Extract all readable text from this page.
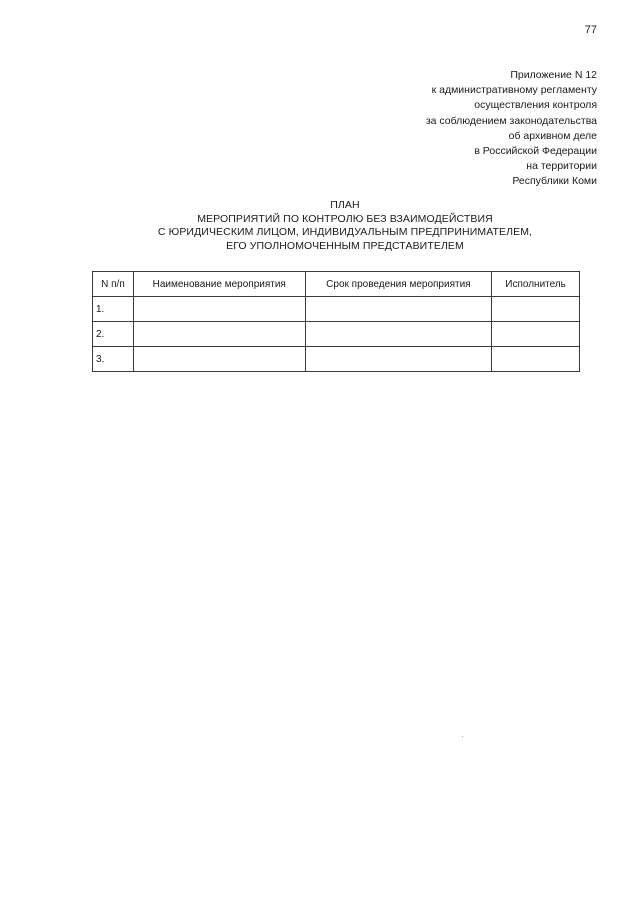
77
Приложение N 12
к административному регламенту
осуществления контроля
за соблюдением законодательства
об архивном деле
в Российской Федерации
на территории
Республики Коми
ПЛАН
МЕРОПРИЯТИЙ ПО КОНТРОЛЮ БЕЗ ВЗАИМОДЕЙСТВИЯ
С ЮРИДИЧЕСКИМ ЛИЦОМ, ИНДИВИДУАЛЬНЫМ ПРЕДПРИНИМАТЕЛЕМ,
ЕГО УПОЛНОМОЧЕННЫМ ПРЕДСТАВИТЕЛЕМ
N п/п	Наименование мероприятия	Срок проведения мероприятия	Исполнитель
1.			
2.			
3.			
